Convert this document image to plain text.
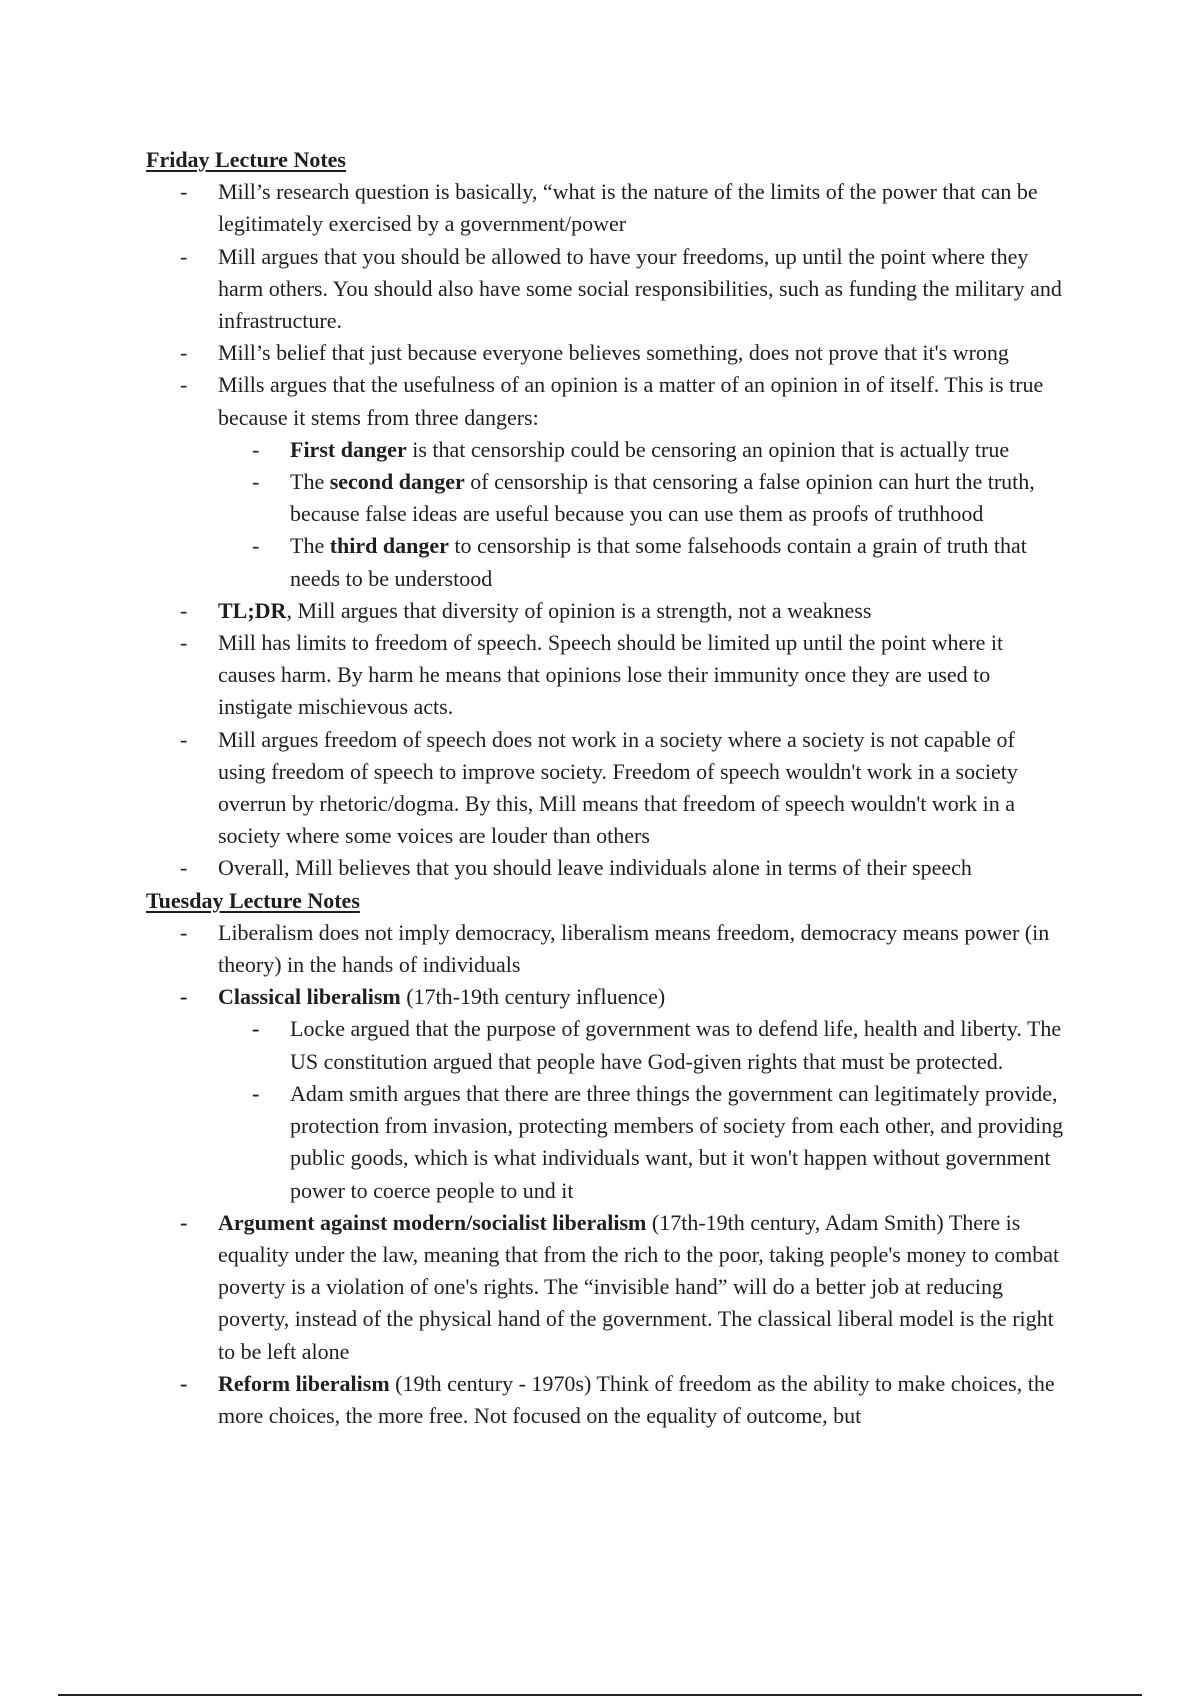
Friday Lecture Notes

- Mill’s research question is basically, “what is the nature of the limits of the power that can be legitimately exercised by a government/power
- Mill argues that you should be allowed to have your freedoms, up until the point where they harm others. You should also have some social responsibilities, such as funding the military and infrastructure.
- Mill’s belief that just because everyone believes something, does not prove that it's wrong
- Mills argues that the usefulness of an opinion is a matter of an opinion in of itself. This is true because it stems from three dangers:
- First danger is that censorship could be censoring an opinion that is actually true
- The second danger of censorship is that censoring a false opinion can hurt the truth, because false ideas are useful because you can use them as proofs of truthhood
- The third danger to censorship is that some falsehoods contain a grain of truth that needs to be understood
- TL;DR, Mill argues that diversity of opinion is a strength, not a weakness
- Mill has limits to freedom of speech. Speech should be limited up until the point where it causes harm. By harm he means that opinions lose their immunity once they are used to instigate mischievous acts.
- Mill argues freedom of speech does not work in a society where a society is not capable of using freedom of speech to improve society. Freedom of speech wouldn't work in a society overrun by rhetoric/dogma. By this, Mill means that freedom of speech wouldn't work in a society where some voices are louder than others
- Overall, Mill believes that you should leave individuals alone in terms of their speech

Tuesday Lecture Notes

- Liberalism does not imply democracy, liberalism means freedom, democracy means power (in theory) in the hands of individuals
- Classical liberalism (17th-19th century influence)
- Locke argued that the purpose of government was to defend life, health and liberty. The US constitution argued that people have God-given rights that must be protected.
- Adam smith argues that there are three things the government can legitimately provide, protection from invasion, protecting members of society from each other, and providing public goods, which is what individuals want, but it won't happen without government power to coerce people to und it
- Argument against modern/socialist liberalism (17th-19th century, Adam Smith) There is equality under the law, meaning that from the rich to the poor, taking people's money to combat poverty is a violation of one's rights. The “invisible hand” will do a better job at reducing poverty, instead of the physical hand of the government. The classical liberal model is the right to be left alone
- Reform liberalism (19th century - 1970s) Think of freedom as the ability to make choices, the more choices, the more free. Not focused on the equality of outcome, but
